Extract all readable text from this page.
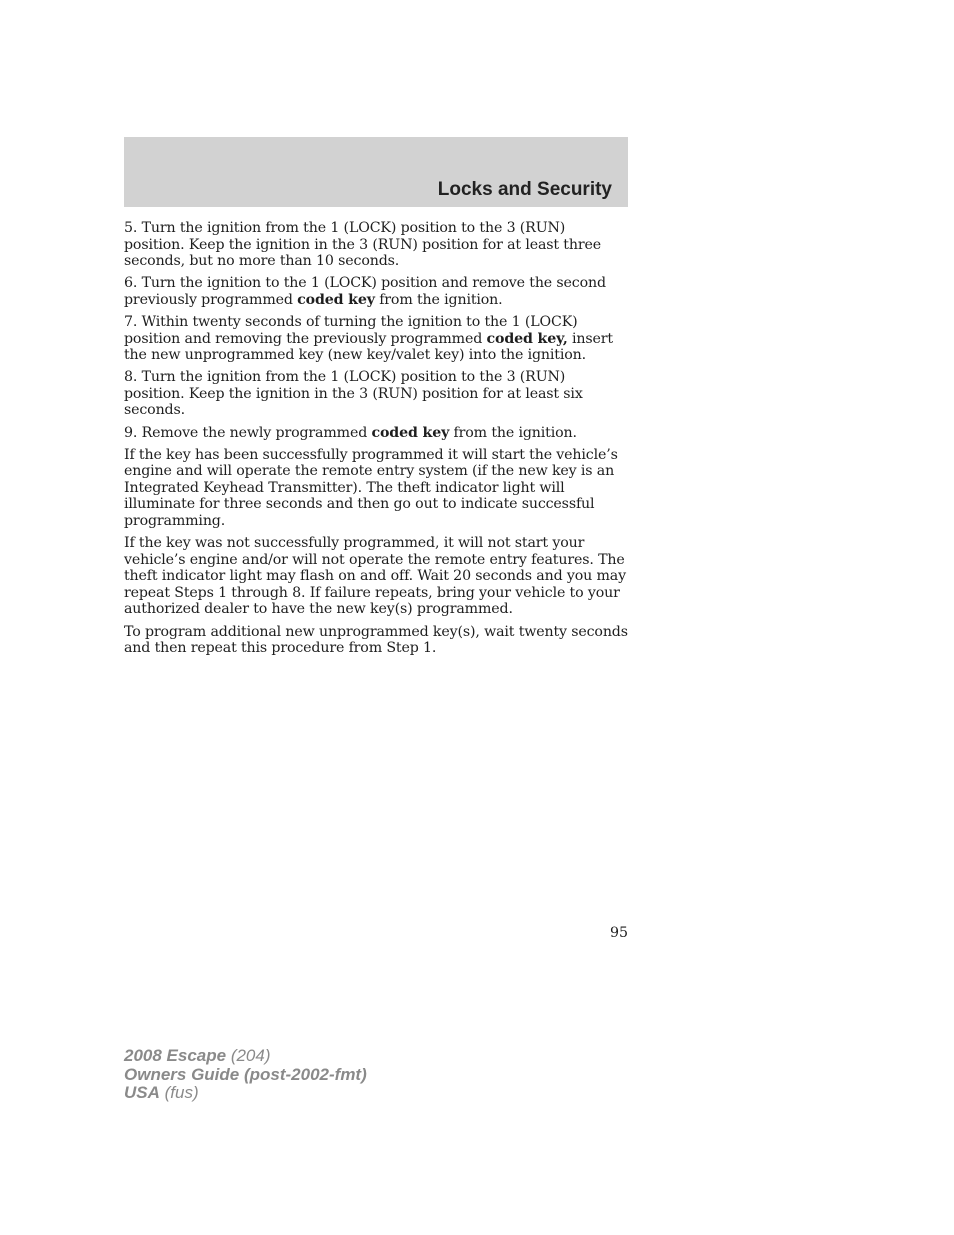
Locks and Security

5. Turn the ignition from the 1 (LOCK) position to the 3 (RUN) position. Keep the ignition in the 3 (RUN) position for at least three seconds, but no more than 10 seconds.

6. Turn the ignition to the 1 (LOCK) position and remove the second previously programmed coded key from the ignition.

7. Within twenty seconds of turning the ignition to the 1 (LOCK) position and removing the previously programmed coded key, insert the new unprogrammed key (new key/valet key) into the ignition.

8. Turn the ignition from the 1 (LOCK) position to the 3 (RUN) position. Keep the ignition in the 3 (RUN) position for at least six seconds.

9. Remove the newly programmed coded key from the ignition.

If the key has been successfully programmed it will start the vehicle’s engine and will operate the remote entry system (if the new key is an Integrated Keyhead Transmitter). The theft indicator light will illuminate for three seconds and then go out to indicate successful programming.

If the key was not successfully programmed, it will not start your vehicle’s engine and/or will not operate the remote entry features. The theft indicator light may flash on and off. Wait 20 seconds and you may repeat Steps 1 through 8. If failure repeats, bring your vehicle to your authorized dealer to have the new key(s) programmed.

To program additional new unprogrammed key(s), wait twenty seconds and then repeat this procedure from Step 1.

95
2008 Escape (204)
Owners Guide (post-2002-fmt)
USA (fus)
